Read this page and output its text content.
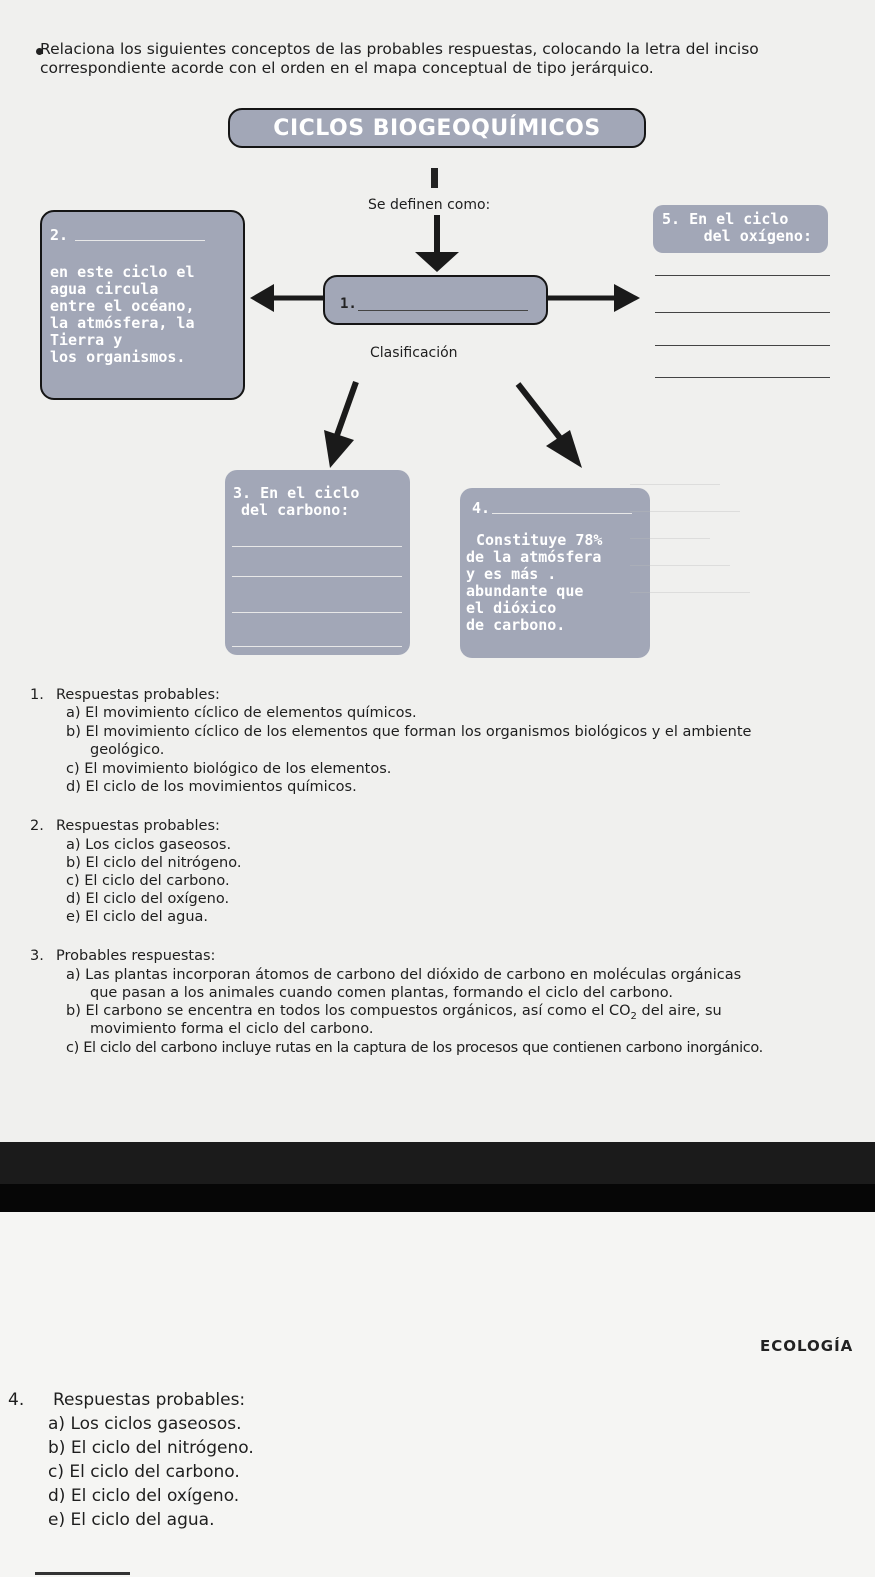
Relaciona los siguientes conceptos de las probables respuestas, colocando la letra del inciso correspondiente acorde con el orden en el mapa conceptual de tipo jerárquico.
CICLOS BIOGEOQUÍMICOS
Se definen como:
2.
en este ciclo el
agua circula
entre el océano,
la atmósfera, la
Tierra y
los organismos.
1.
Clasificación
5. En el ciclo
del oxígeno:
3. En el ciclo
del carbono:	4.
Constituye 78%
de la atmósfera
y es más .
abundante que
el dióxico
de carbono.
1. Respuestas probables:
a) El movimiento cíclico de elementos químicos.
b) El movimiento cíclico de los elementos que forman los organismos biológicos y el ambiente
geológico.
c) El movimiento biológico de los elementos.
d) El ciclo de los movimientos químicos.
2. Respuestas probables:
a) Los ciclos gaseosos.
b) El ciclo del nitrógeno.
c) El ciclo del carbono.
d) El ciclo del oxígeno.
e) El ciclo del agua.
3. Probables respuestas:
a) Las plantas incorporan átomos de carbono del dióxido de carbono en moléculas orgánicas
que pasan a los animales cuando comen plantas, formando el ciclo del carbono.
b) El carbono se encentra en todos los compuestos orgánicos, así como el $CO_2$ del aire, su
movimiento forma el ciclo del carbono.
c) El ciclo del carbono incluye rutas en la captura de los procesos que contienen carbono inorgánico.
ECOLOGÍA
4. Respuestas probables:
a) Los ciclos gaseosos.
b) El ciclo del nitrógeno.
c) El ciclo del carbono.
d) El ciclo del oxígeno.
e) El ciclo del agua.
